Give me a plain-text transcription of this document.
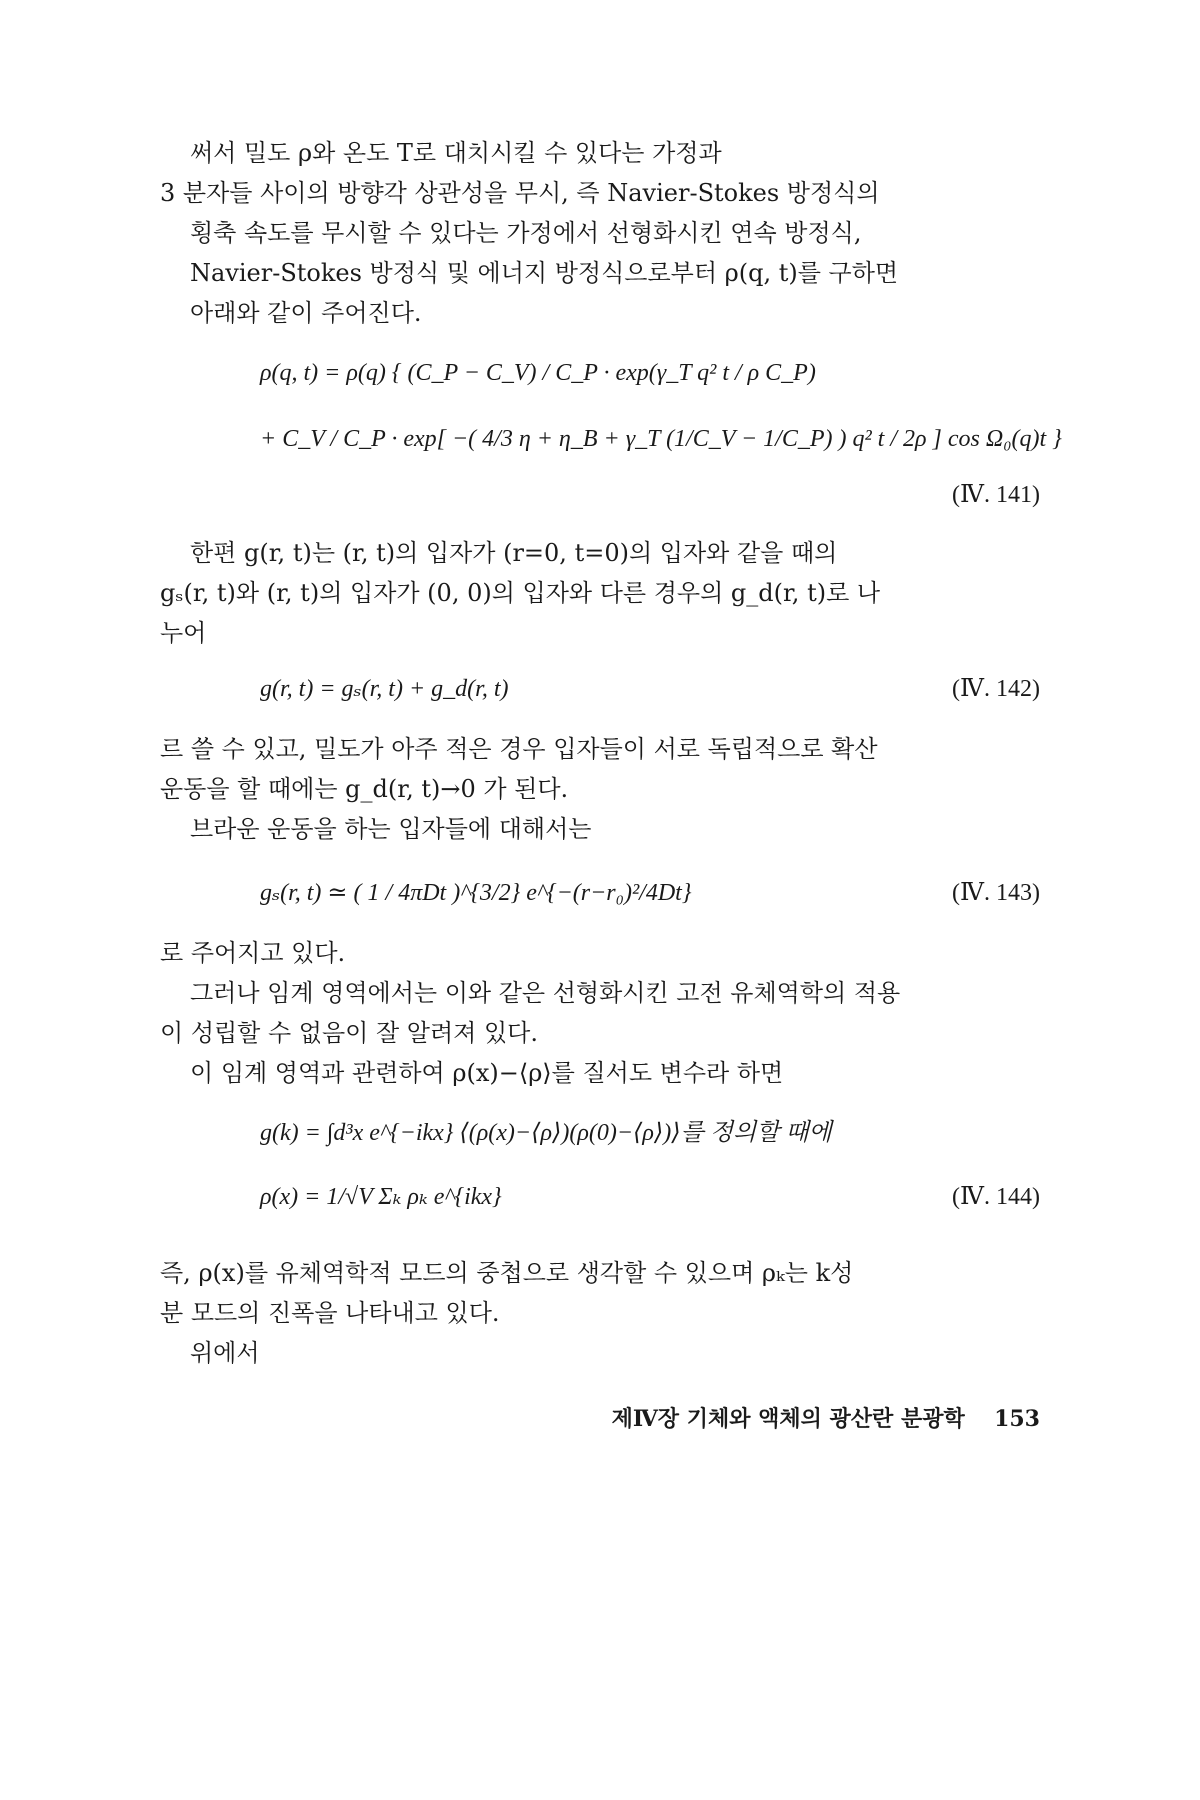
써서 밀도 ρ와 온도 T로 대치시킬 수 있다는 가정과
3 분자들 사이의 방향각 상관성을 무시, 즉 Navier-Stokes 방정식의
횡축 속도를 무시할 수 있다는 가정에서 선형화시킨 연속 방정식,
Navier-Stokes 방정식 및 에너지 방정식으로부터 ρ(q, t)를 구하면
아래와 같이 주어진다.
ρ(q, t) = ρ(q) { (C_P − C_V) / C_P · exp(γ_T q² t / ρ C_P)
+ C_V / C_P · exp[ −( 4/3 η + η_B + γ_T (1/C_V − 1/C_P) ) q² t / 2ρ ] cos Ω₀(q)t }
(Ⅳ. 141)
한편 g(r, t)는 (r, t)의 입자가 (r=0, t=0)의 입자와 같을 때의
gₛ(r, t)와 (r, t)의 입자가 (0, 0)의 입자와 다른 경우의 g_d(r, t)로 나
누어
g(r, t) = gₛ(r, t) + g_d(r, t)	(Ⅳ. 142)
르 쓸 수 있고, 밀도가 아주 적은 경우 입자들이 서로 독립적으로 확산
운동을 할 때에는 g_d(r, t)→0 가 된다.
브라운 운동을 하는 입자들에 대해서는
gₛ(r, t) ≃ ( 1 / 4πDt )^{3/2} e^{−(r−r₀)²/4Dt}	(Ⅳ. 143)
로 주어지고 있다.
그러나 임계 영역에서는 이와 같은 선형화시킨 고전 유체역학의 적용
이 성립할 수 없음이 잘 알려져 있다.
이 임계 영역과 관련하여 ρ(x)−⟨ρ⟩를 질서도 변수라 하면
g(k) = ∫d³x e^{−ikx} ⟨(ρ(x)−⟨ρ⟩)(ρ(0)−⟨ρ⟩)⟩를 정의할 때에
ρ(x) = 1/√V Σₖ ρₖ e^{ikx}	(Ⅳ. 144)
즉, ρ(x)를 유체역학적 모드의 중첩으로 생각할 수 있으며 ρₖ는 k성
분 모드의 진폭을 나타내고 있다.
위에서
제Ⅳ장 기체와 액체의 광산란 분광학 153
